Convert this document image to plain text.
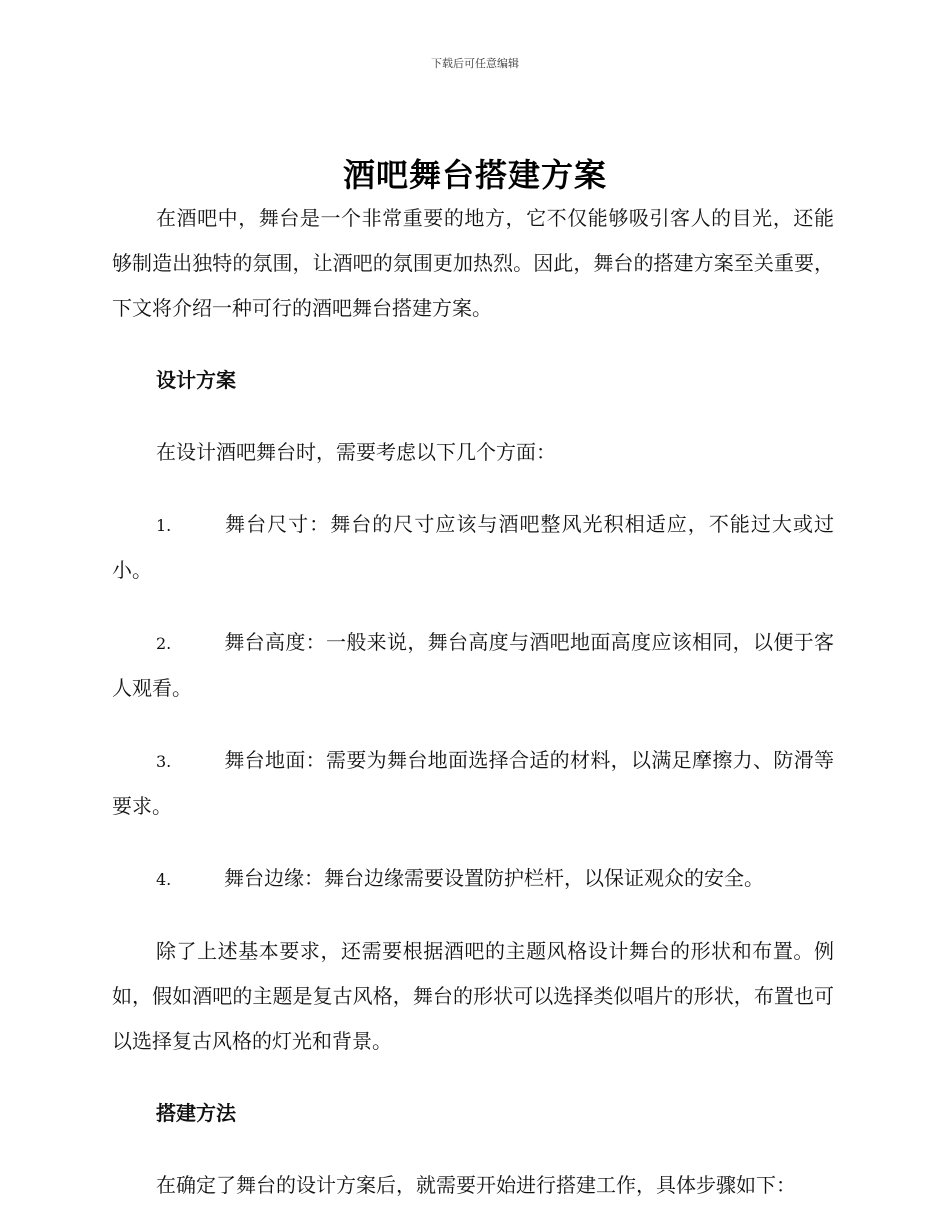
下载后可任意编辑
酒吧舞台搭建方案

在酒吧中，舞台是一个非常重要的地方，它不仅能够吸引客人的目光，还能够制造出独特的氛围，让酒吧的氛围更加热烈。因此，舞台的搭建方案至关重要，下文将介绍一种可行的酒吧舞台搭建方案。

设计方案

在设计酒吧舞台时，需要考虑以下几个方面：

1.	舞台尺寸：舞台的尺寸应该与酒吧整风光积相适应，不能过大或过小。

2.	舞台高度：一般来说，舞台高度与酒吧地面高度应该相同，以便于客人观看。

3.	舞台地面：需要为舞台地面选择合适的材料，以满足摩擦力、防滑等要求。

4.	舞台边缘：舞台边缘需要设置防护栏杆，以保证观众的安全。

除了上述基本要求，还需要根据酒吧的主题风格设计舞台的形状和布置。例如，假如酒吧的主题是复古风格，舞台的形状可以选择类似唱片的形状，布置也可以选择复古风格的灯光和背景。

搭建方法

在确定了舞台的设计方案后，就需要开始进行搭建工作，具体步骤如下：
